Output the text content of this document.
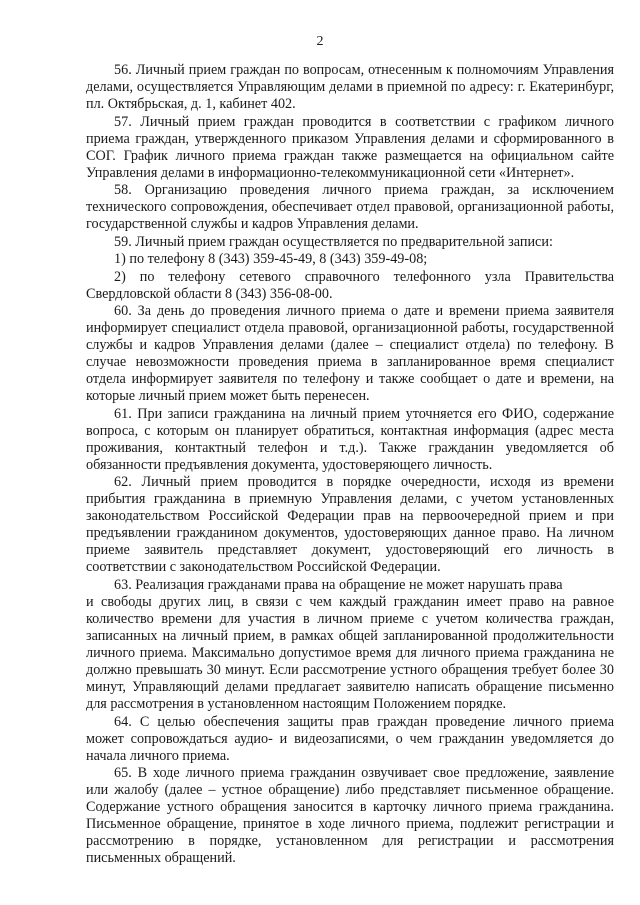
2

56. Личный прием граждан по вопросам, отнесенным к полномочиям Управления делами, осуществляется Управляющим делами в приемной по адресу: г. Екатеринбург, пл. Октябрьская, д. 1, кабинет 402.

57. Личный прием граждан проводится в соответствии с графиком личного приема граждан, утвержденного приказом Управления делами и сформированного в СОГ. График личного приема граждан также размещается на официальном сайте Управления делами в информационно-телекоммуникационной сети «Интернет».

58. Организацию проведения личного приема граждан, за исключением технического сопровождения, обеспечивает отдел правовой, организационной работы, государственной службы и кадров Управления делами.

59. Личный прием граждан осуществляется по предварительной записи:

1) по телефону 8 (343) 359-45-49, 8 (343) 359-49-08;

2) по телефону сетевого справочного телефонного узла Правительства Свердловской области 8 (343) 356-08-00.

60. За день до проведения личного приема о дате и времени приема заявителя информирует специалист отдела правовой, организационной работы, государственной службы и кадров Управления делами (далее – специалист отдела) по телефону. В случае невозможности проведения приема в запланированное время специалист отдела информирует заявителя по телефону и также сообщает о дате и времени, на которые личный прием может быть перенесен.

61. При записи гражданина на личный прием уточняется его ФИО, содержание вопроса, с которым он планирует обратиться, контактная информация (адрес места проживания, контактный телефон и т.д.). Также гражданин уведомляется об обязанности предъявления документа, удостоверяющего личность.

62. Личный прием проводится в порядке очередности, исходя из времени прибытия гражданина в приемную Управления делами, с учетом установленных законодательством Российской Федерации прав на первоочередной прием и при предъявлении гражданином документов, удостоверяющих данное право. На личном приеме заявитель представляет документ, удостоверяющий его личность в соответствии с законодательством Российской Федерации.

63. Реализация гражданами права на обращение не может нарушать права

и свободы других лиц, в связи с чем каждый гражданин имеет право на равное количество времени для участия в личном приеме с учетом количества граждан, записанных на личный прием, в рамках общей запланированной продолжительности личного приема. Максимально допустимое время для личного приема гражданина не должно превышать 30 минут. Если рассмотрение устного обращения требует более 30 минут, Управляющий делами предлагает заявителю написать обращение письменно для рассмотрения в установленном настоящим Положением порядке.

64. С целью обеспечения защиты прав граждан проведение личного приема может сопровождаться аудио- и видеозаписями, о чем гражданин уведомляется до начала личного приема.

65. В ходе личного приема гражданин озвучивает свое предложение, заявление или жалобу (далее – устное обращение) либо представляет письменное обращение. Содержание устного обращения заносится в карточку личного приема гражданина. Письменное обращение, принятое в ходе личного приема, подлежит регистрации и рассмотрению в порядке, установленном для регистрации и рассмотрения письменных обращений.
